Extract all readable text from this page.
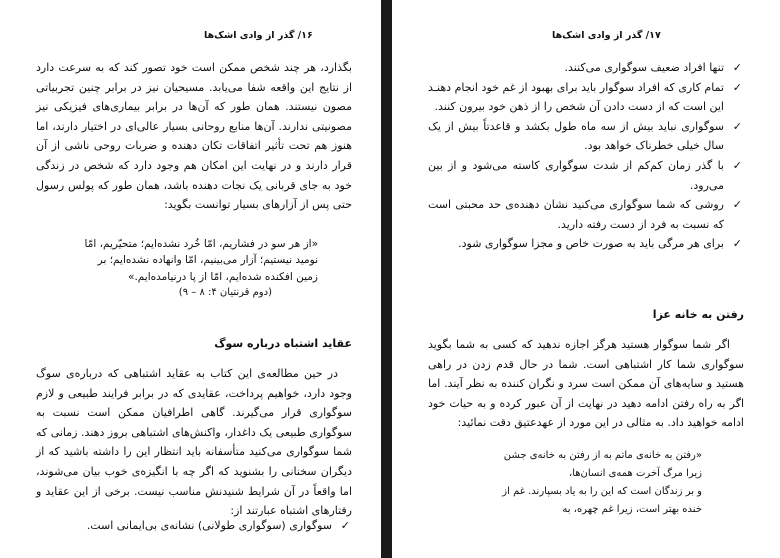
۱۶/ گذر از وادی اشک‌ها

بگذارد، هر چند شخص ممکن است خود تصور کند که به سرعت دارد از نتایج این واقعه شفا می‌یابد. مسیحیان نیز در برابر چنین تجربیاتی مصون نیستند. همان طور که آن‌ها در برابر بیماری‌های فیزیکی نیز مصونیتی ندارند. آن‌ها منابع روحانی بسیار عالی‌ای در اختیار دارند، اما هنوز هم تحت تأثیر اتفاقات تکان دهنده و ضربات روحی ناشی از آن قرار دارند و در نهایت این امکان هم وجود دارد که شخص در زندگی خود به جای قربانی یک نجات دهنده باشد، همان طور که پولس رسول حتی پس از آزارهای بسیار توانست بگوید:

«از هر سو در فشاریم، امّا خُرد نشده‌ایم؛ متحیّریم، امّا
نومید نیستیم؛ آزار می‌بینیم، امّا وانهاده نشده‌ایم؛ بر
زمین افکنده شده‌ایم، امّا از پا درنیامده‌ایم.»
(دوم قرنتیان ۴: ۸ – ۹)
عقاید اشتباه درباره سوگ

در حین مطالعه‌ی این کتاب به عقاید اشتباهی که درباره‌ی سوگ وجود دارد، خواهیم پرداخت، عقایدی که در برابر فرایند طبیعی و لازم سوگواری قرار می‌گیرند. گاهی اطرافیان ممکن است نسبت به سوگواری طبیعی یک داغدار، واکنش‌های اشتباهی بروز دهند. زمانی که شما سوگواری می‌کنید متأسفانه باید انتظار این را داشته باشید که از دیگران سخنانی را بشنوید که اگر چه با انگیزه‌ی خوب بیان می‌شوند، اما واقعاً در آن شرایط شنیدنش مناسب نیست. برخی از این عقاید و رفتارهای اشتباه عبارتند از:

✓
سوگواری (سوگواری طولانی) نشانه‌ی بی‌ایمانی است.
۱۷/ گذر از وادی اشک‌ها
✓
تنها افراد ضعیف سوگواری می‌کنند.
✓
تمام کاری که افراد سوگوار باید برای بهبود از غم خود انجام دهنـد این است که از دست دادن آن شخص را از ذهن خود بیرون کنند.
✓
سوگواری نباید بیش از سه ماه طول بکشد و قاعدتاً بیش از یک سال خیلی خطرناک خواهد بود.
✓
با گذر زمان کم‌کم از شدت سوگواری کاسته می‌شود و از بین می‌رود.
✓
روشی که شما سوگواری می‌کنید نشان دهنده‌ی حد محبتی است که نسبت به فرد از دست رفته دارید.
✓
برای هر مرگی باید به صورت خاص و مجزا سوگواری شود.
رفتن به خانه عزا

اگر شما سوگوار هستید هرگز اجازه ندهید که کسی به شما بگوید سوگواری شما کار اشتباهی است. شما در حال قدم زدن در راهی هستید و سایه‌های آن ممکن است سرد و نگران کننده به نظر آیند. اما اگر به راه رفتن ادامه دهید در نهایت از آن عبور کرده و به حیات خود ادامه خواهید داد. به مثالی در این مورد از عهدعتیق دقت نمائید:

«رفتن به خانه‌ی ماتم به از رفتن به خانه‌ی جشن
زیرا مرگ آخرت همه‌ی انسان‌ها،
و بر زندگان است که این را به یاد بسپارند. غم از
خنده بهتر است، زیرا غم چهره، به
